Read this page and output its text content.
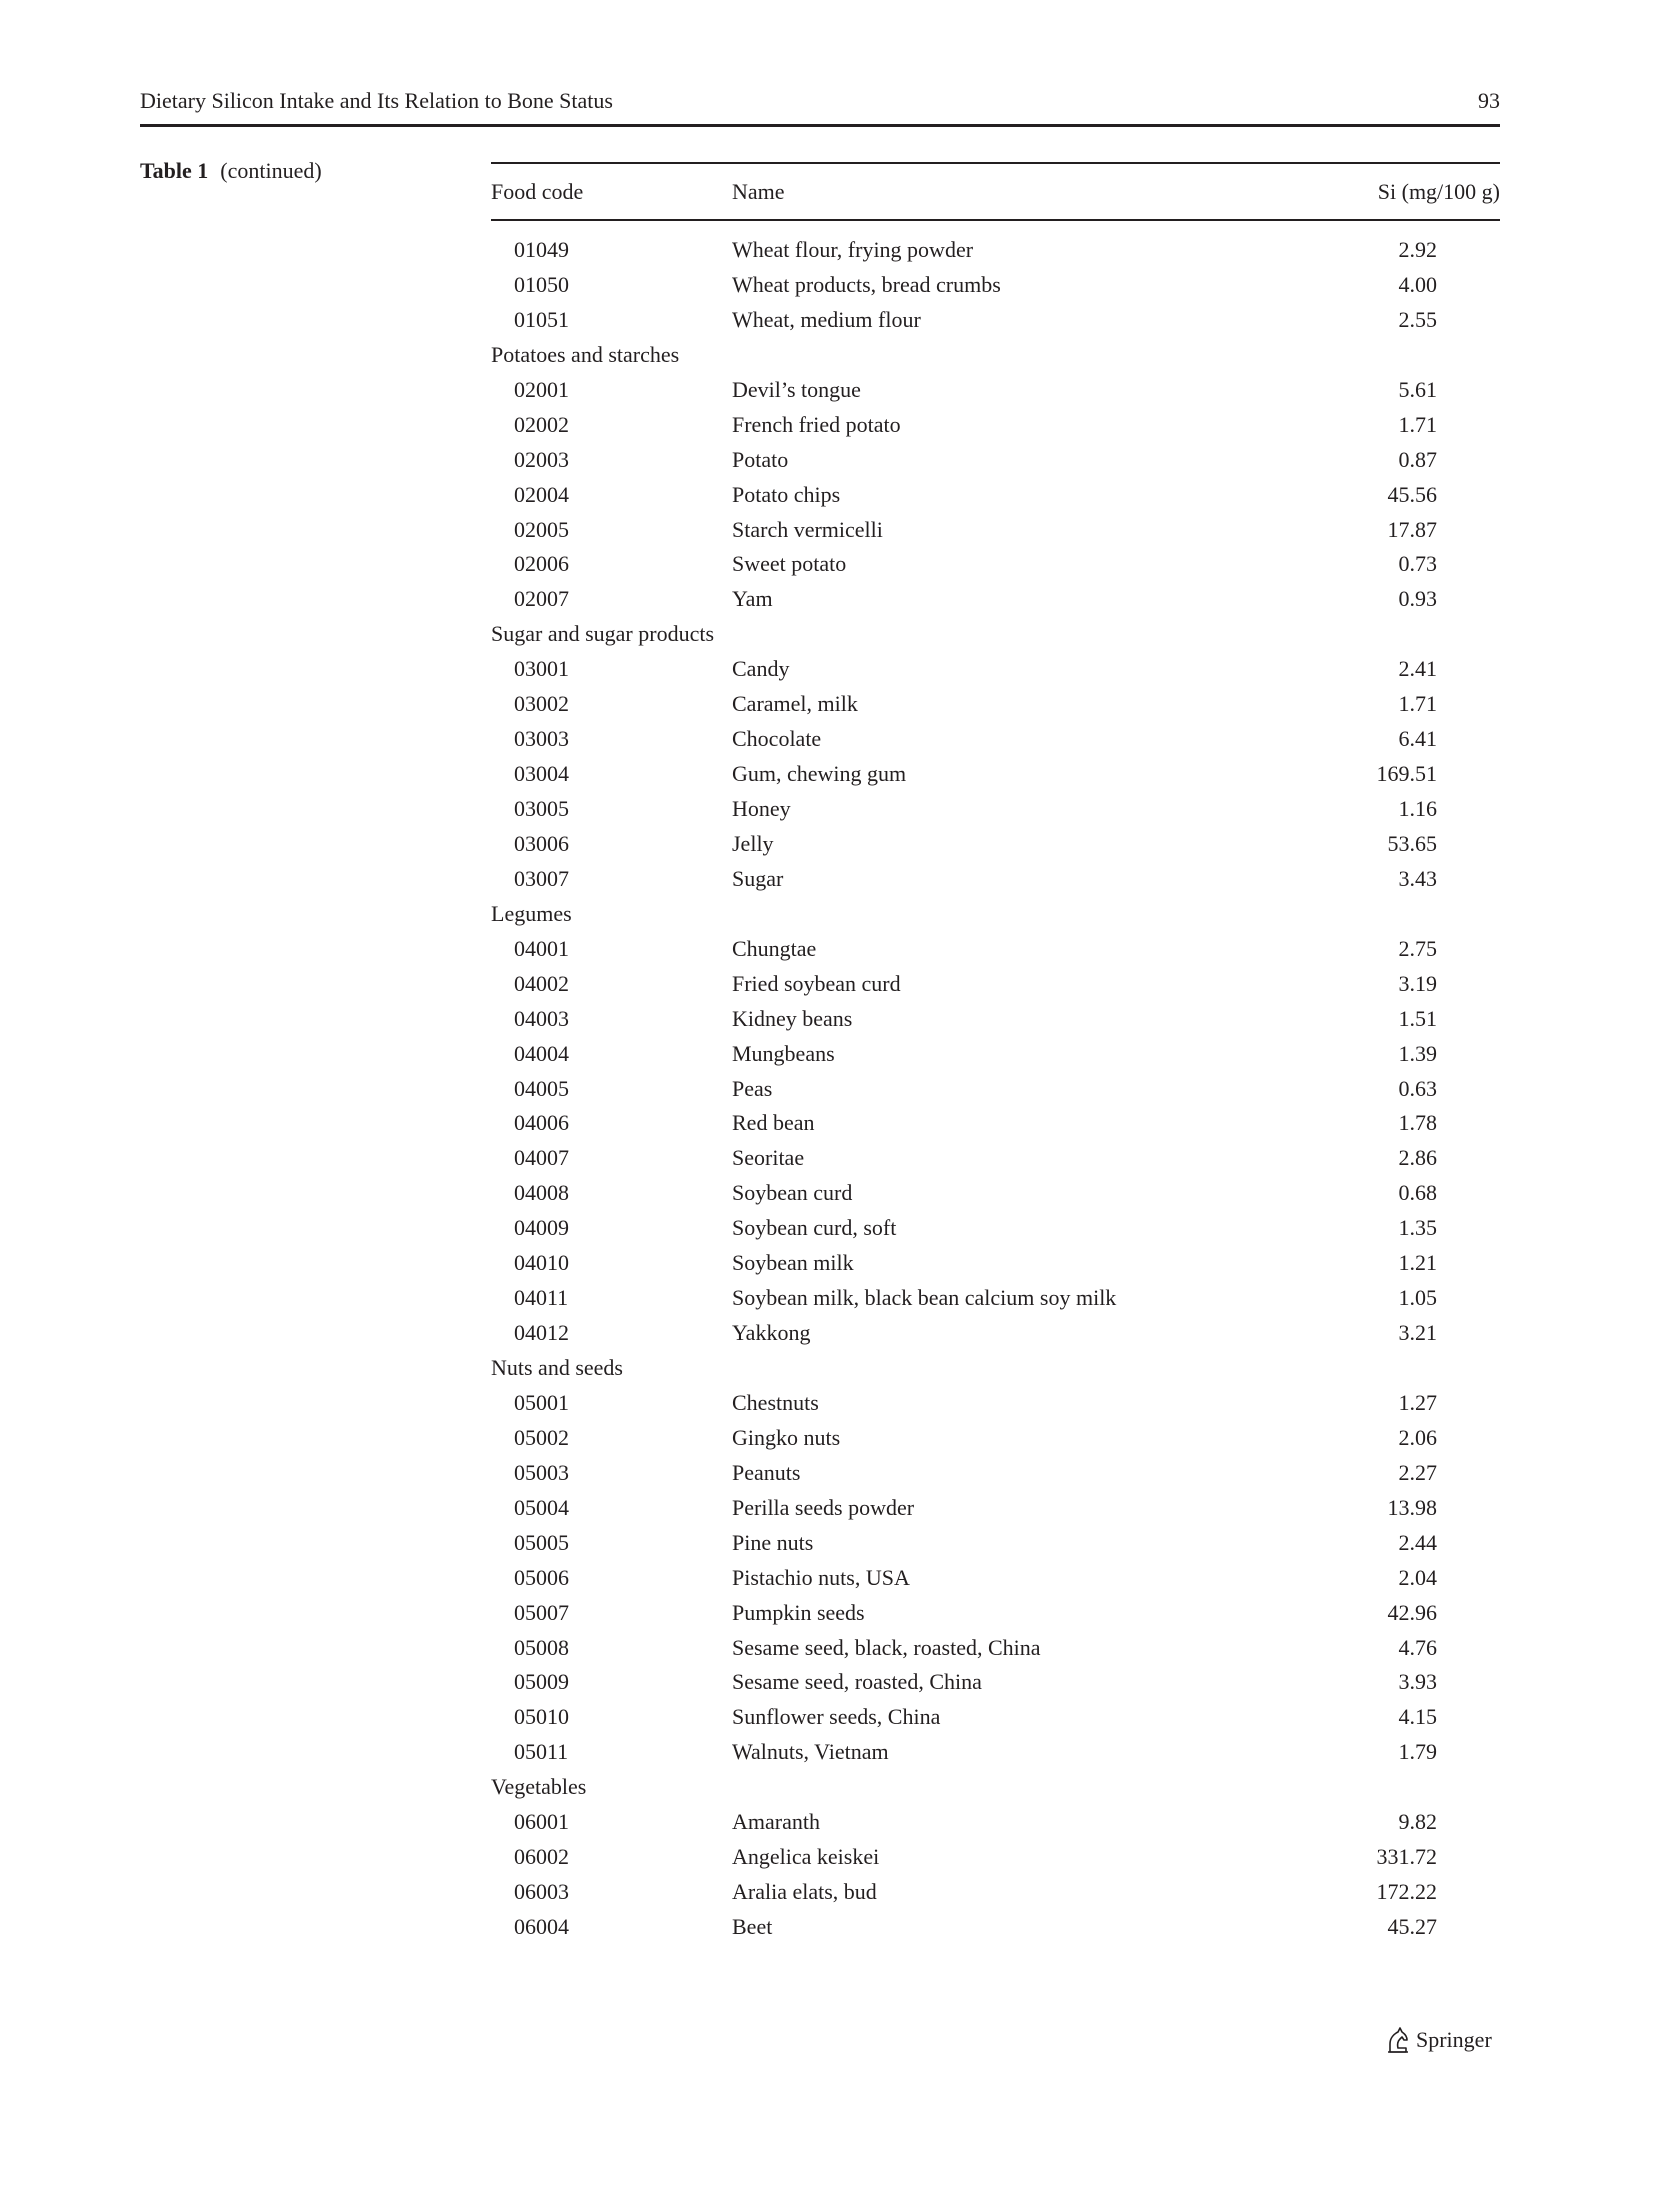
Dietary Silicon Intake and Its Relation to Bone Status	93
Table 1 (continued)
Food code	Name	Si (mg/100 g)
01049	Wheat flour, frying powder	2.92
01050	Wheat products, bread crumbs	4.00
01051	Wheat, medium flour	2.55
Potatoes and starches
02001	Devil’s tongue	5.61
02002	French fried potato	1.71
02003	Potato	0.87
02004	Potato chips	45.56
02005	Starch vermicelli	17.87
02006	Sweet potato	0.73
02007	Yam	0.93
Sugar and sugar products
03001	Candy	2.41
03002	Caramel, milk	1.71
03003	Chocolate	6.41
03004	Gum, chewing gum	169.51
03005	Honey	1.16
03006	Jelly	53.65
03007	Sugar	3.43
Legumes
04001	Chungtae	2.75
04002	Fried soybean curd	3.19
04003	Kidney beans	1.51
04004	Mungbeans	1.39
04005	Peas	0.63
04006	Red bean	1.78
04007	Seoritae	2.86
04008	Soybean curd	0.68
04009	Soybean curd, soft	1.35
04010	Soybean milk	1.21
04011	Soybean milk, black bean calcium soy milk	1.05
04012	Yakkong	3.21
Nuts and seeds
05001	Chestnuts	1.27
05002	Gingko nuts	2.06
05003	Peanuts	2.27
05004	Perilla seeds powder	13.98
05005	Pine nuts	2.44
05006	Pistachio nuts, USA	2.04
05007	Pumpkin seeds	42.96
05008	Sesame seed, black, roasted, China	4.76
05009	Sesame seed, roasted, China	3.93
05010	Sunflower seeds, China	4.15
05011	Walnuts, Vietnam	1.79
Vegetables
06001	Amaranth	9.82
06002	Angelica keiskei	331.72
06003	Aralia elats, bud	172.22
06004	Beet	45.27
Springer
